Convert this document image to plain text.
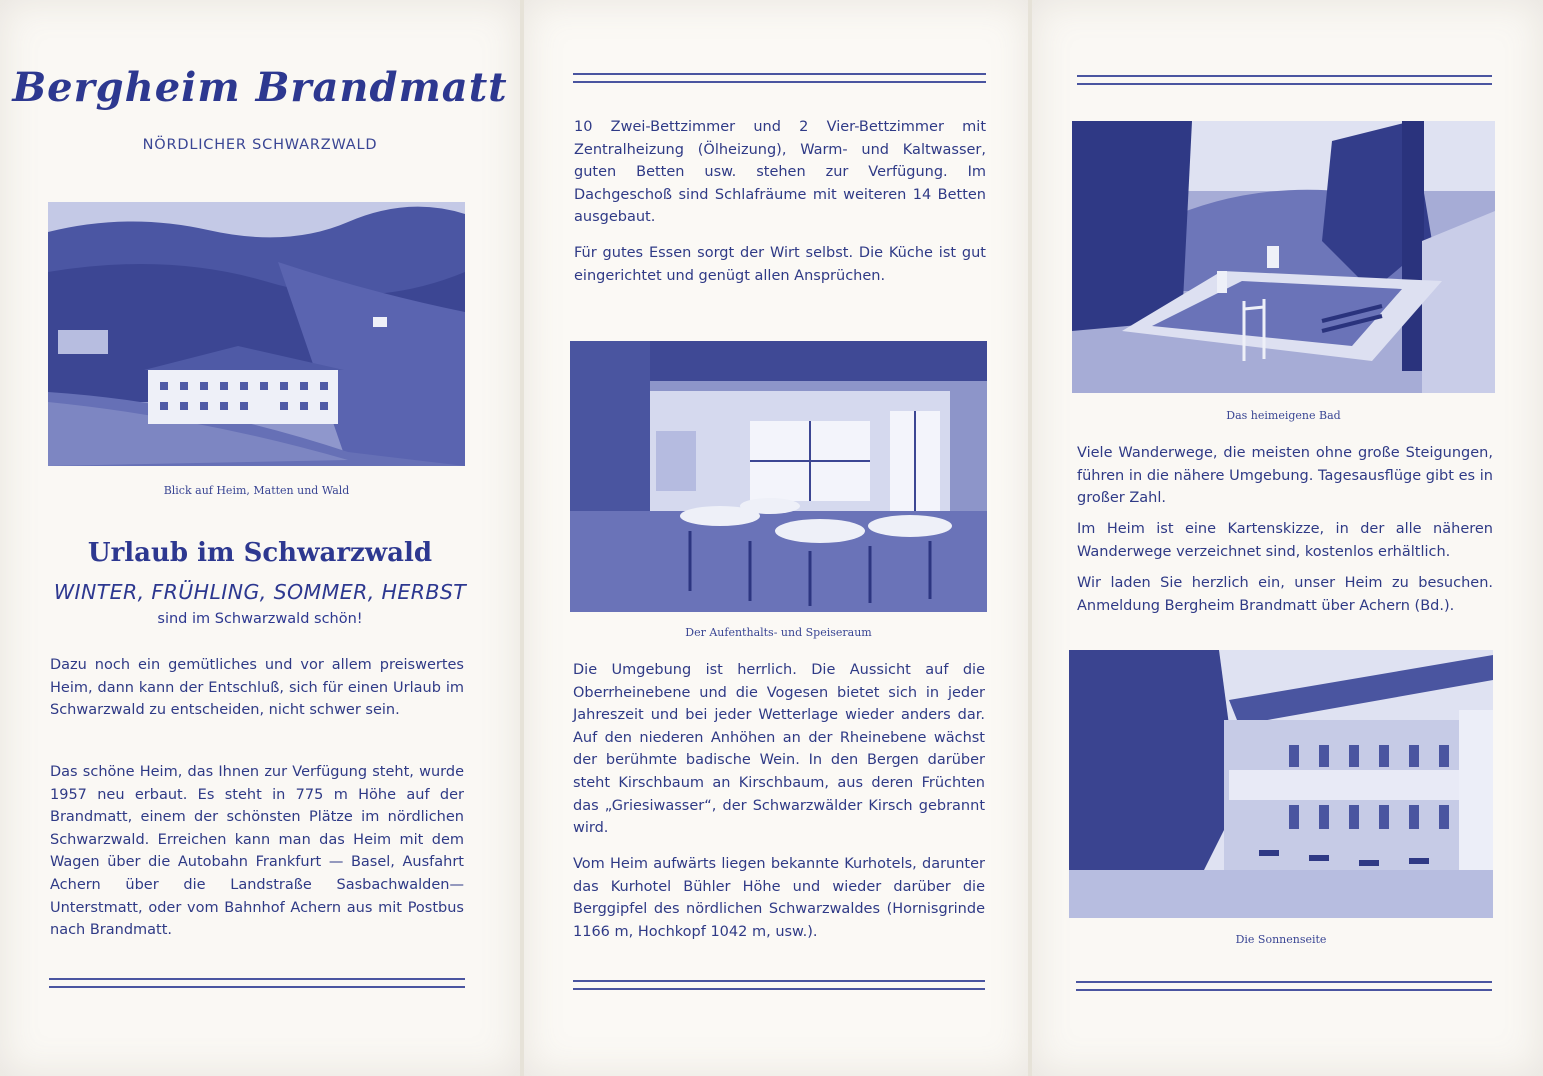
Bergheim Brandmatt
NÖRDLICHER SCHWARZWALD
Blick auf Heim, Matten und Wald
Urlaub im Schwarzwald
WINTER, FRÜHLING, SOMMER, HERBST
sind im Schwarzwald schön!

Dazu noch ein gemütliches und vor allem preiswertes Heim, dann kann der Entschluß, sich für einen Urlaub im Schwarzwald zu entscheiden, nicht schwer sein.

Das schöne Heim, das Ihnen zur Verfügung steht, wurde 1957 neu erbaut. Es steht in 775 m Höhe auf der Brandmatt, einem der schönsten Plätze im nördlichen Schwarzwald. Erreichen kann man das Heim mit dem Wagen über die Autobahn Frankfurt — Basel, Ausfahrt Achern über die Landstraße Sasbachwalden—Unterstmatt, oder vom Bahnhof Achern aus mit Postbus nach Brandmatt.

10 Zwei-Bettzimmer und 2 Vier-Bettzimmer mit Zentralheizung (Ölheizung), Warm- und Kaltwasser, guten Betten usw. stehen zur Verfügung. Im Dachgeschoß sind Schlafräume mit weiteren 14 Betten ausgebaut.

Für gutes Essen sorgt der Wirt selbst. Die Küche ist gut eingerichtet und genügt allen Ansprüchen.

Der Aufenthalts- und Speiseraum

Die Umgebung ist herrlich. Die Aussicht auf die Oberrheinebene und die Vogesen bietet sich in jeder Jahreszeit und bei jeder Wetterlage wieder anders dar. Auf den niederen Anhöhen an der Rheinebene wächst der berühmte badische Wein. In den Bergen darüber steht Kirschbaum an Kirschbaum, aus deren Früchten das „Griesiwasser“, der Schwarzwälder Kirsch gebrannt wird.

Vom Heim aufwärts liegen bekannte Kurhotels, darunter das Kurhotel Bühler Höhe und wieder darüber die Berggipfel des nördlichen Schwarzwaldes (Hornisgrinde 1166 m, Hochkopf 1042 m, usw.).

Das heimeigene Bad

Viele Wanderwege, die meisten ohne große Steigungen, führen in die nähere Umgebung. Tagesausflüge gibt es in großer Zahl.

Im Heim ist eine Kartenskizze, in der alle näheren Wanderwege verzeichnet sind, kostenlos erhältlich.

Wir laden Sie herzlich ein, unser Heim zu besuchen. Anmeldung Bergheim Brandmatt über Achern (Bd.).

Die Sonnenseite
